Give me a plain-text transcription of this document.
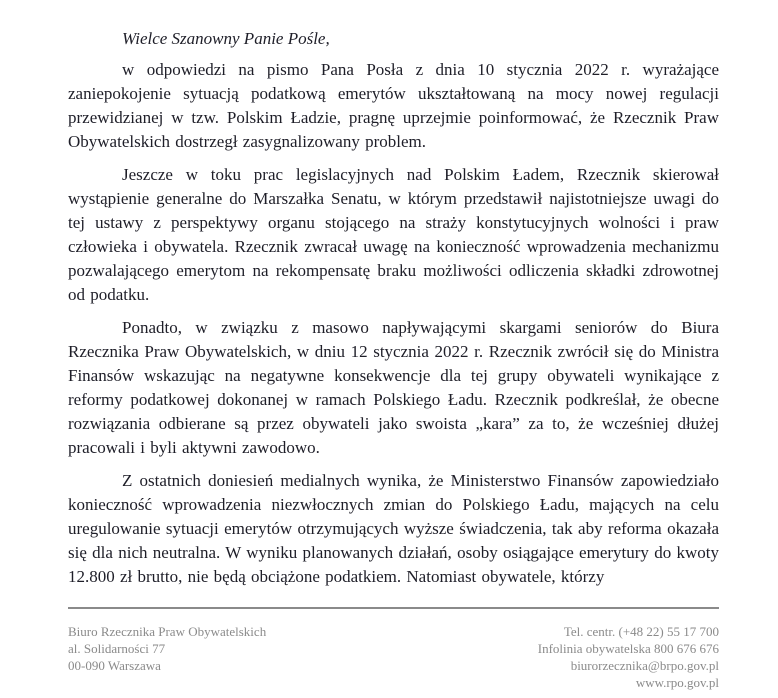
Wielce Szanowny Panie Pośle,

w odpowiedzi na pismo Pana Posła z dnia 10 stycznia 2022 r. wyrażające zaniepokojenie sytuacją podatkową emerytów ukształtowaną na mocy nowej regulacji przewidzianej w tzw. Polskim Ładzie, pragnę uprzejmie poinformować, że Rzecznik Praw Obywatelskich dostrzegł zasygnalizowany problem.

Jeszcze w toku prac legislacyjnych nad Polskim Ładem, Rzecznik skierował wystąpienie generalne do Marszałka Senatu, w którym przedstawił najistotniejsze uwagi do tej ustawy z perspektywy organu stojącego na straży konstytucyjnych wolności i praw człowieka i obywatela. Rzecznik zwracał uwagę na konieczność wprowadzenia mechanizmu pozwalającego emerytom na rekompensatę braku możliwości odliczenia składki zdrowotnej od podatku.

Ponadto, w związku z masowo napływającymi skargami seniorów do Biura Rzecznika Praw Obywatelskich, w dniu 12 stycznia 2022 r. Rzecznik zwrócił się do Ministra Finansów wskazując na negatywne konsekwencje dla tej grupy obywateli wynikające z reformy podatkowej dokonanej w ramach Polskiego Ładu. Rzecznik podkreślał, że obecne rozwiązania odbierane są przez obywateli jako swoista „kara” za to, że wcześniej dłużej pracowali i byli aktywni zawodowo.

Z ostatnich doniesień medialnych wynika, że Ministerstwo Finansów zapowiedziało konieczność wprowadzenia niezwłocznych zmian do Polskiego Ładu, mających na celu uregulowanie sytuacji emerytów otrzymujących wyższe świadczenia, tak aby reforma okazała się dla nich neutralna. W wyniku planowanych działań, osoby osiągające emerytury do kwoty 12.800 zł brutto, nie będą obciążone podatkiem. Natomiast obywatele, którzy

Biuro Rzecznika Praw Obywatelskich
al. Solidarności 77
00-090 Warszawa
Tel. centr. (+48 22) 55 17 700
Infolinia obywatelska 800 676 676
biurorzecznika@brpo.gov.pl
www.rpo.gov.pl
